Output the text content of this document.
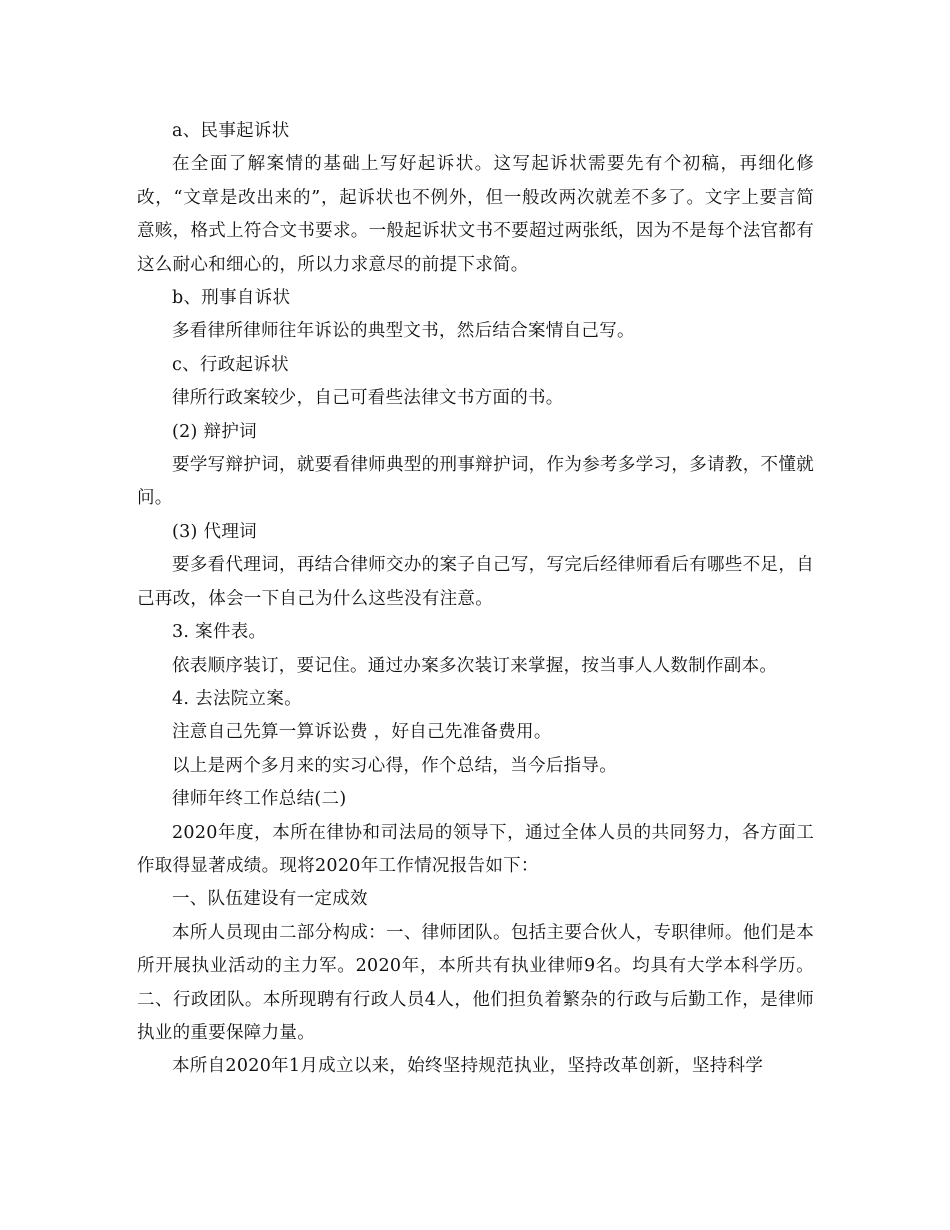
a、民事起诉状

在全面了解案情的基础上写好起诉状。这写起诉状需要先有个初稿，再细化修改，“文章是改出来的”，起诉状也不例外，但一般改两次就差不多了。文字上要言简意赅，格式上符合文书要求。一般起诉状文书不要超过两张纸，因为不是每个法官都有这么耐心和细心的，所以力求意尽的前提下求简。

b、刑事自诉状

多看律所律师往年诉讼的典型文书，然后结合案情自己写。

c、行政起诉状

律所行政案较少，自己可看些法律文书方面的书。

(2) 辩护词

要学写辩护词，就要看律师典型的刑事辩护词，作为参考多学习，多请教，不懂就问。

(3) 代理词

要多看代理词，再结合律师交办的案子自己写，写完后经律师看后有哪些不足，自己再改，体会一下自己为什么这些没有注意。

3. 案件表。

依表顺序装订，要记住。通过办案多次装订来掌握，按当事人人数制作副本。

4. 去法院立案。

注意自己先算一算诉讼费 ，好自己先准备费用。

以上是两个多月来的实习心得，作个总结，当今后指导。

律师年终工作总结(二)

2020年度，本所在律协和司法局的领导下，通过全体人员的共同努力，各方面工作取得显著成绩。现将2020年工作情况报告如下：

一、队伍建设有一定成效

本所人员现由二部分构成：一、律师团队。包括主要合伙人，专职律师。他们是本所开展执业活动的主力军。2020年，本所共有执业律师9名。均具有大学本科学历。二、行政团队。本所现聘有行政人员4人，他们担负着繁杂的行政与后勤工作，是律师执业的重要保障力量。

本所自2020年1月成立以来，始终坚持规范执业，坚持改革创新，坚持科学
